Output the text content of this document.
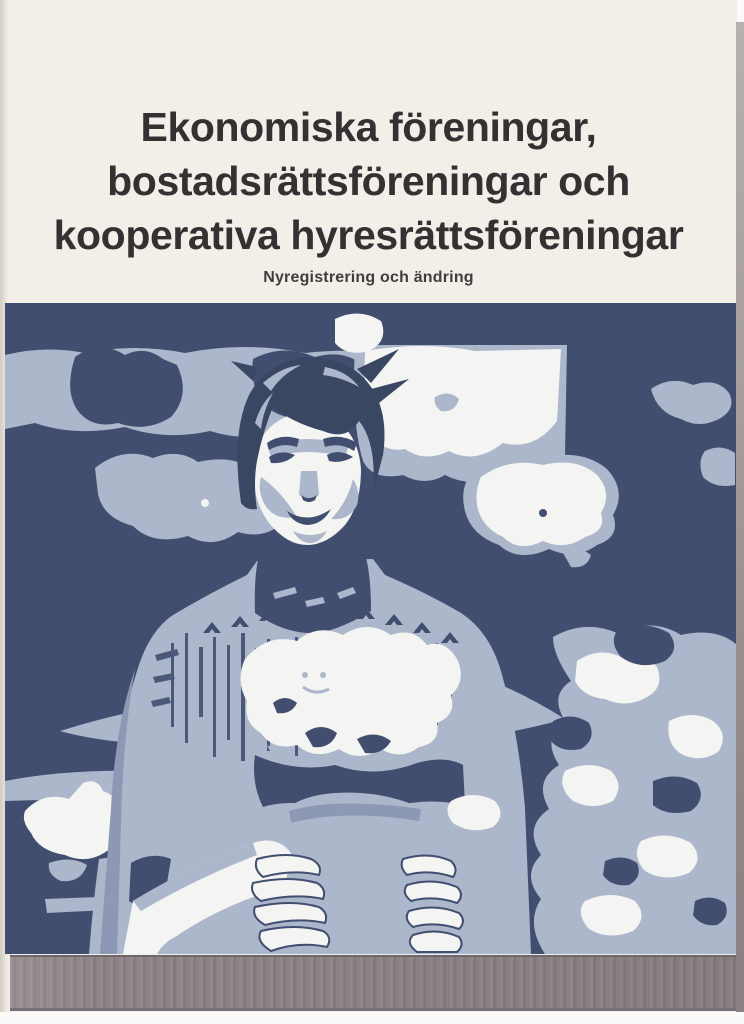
Ekonomiska föreningar,
bostadsrättsföreningar och
kooperativa hyresrättsföreningar
Nyregistrering och ändring
